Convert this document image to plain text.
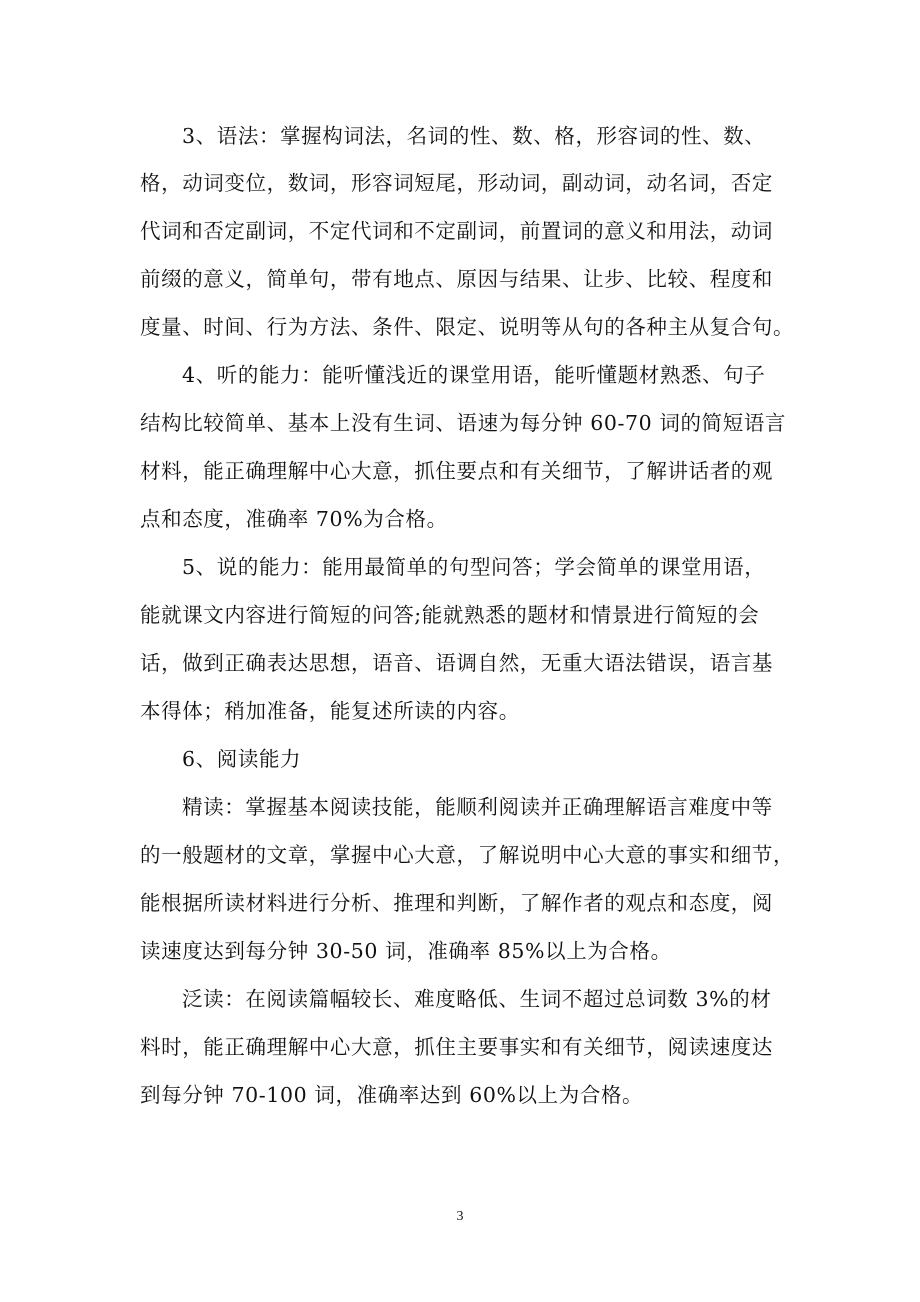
3、语法：掌握构词法，名词的性、数、格，形容词的性、数、
格，动词变位，数词，形容词短尾，形动词，副动词，动名词，否定
代词和否定副词，不定代词和不定副词，前置词的意义和用法，动词
前缀的意义，简单句，带有地点、原因与结果、让步、比较、程度和
度量、时间、行为方法、条件、限定、说明等从句的各种主从复合句。
4、听的能力：能听懂浅近的课堂用语，能听懂题材熟悉、句子
结构比较简单、基本上没有生词、语速为每分钟 60-70 词的简短语言
材料，能正确理解中心大意，抓住要点和有关细节，了解讲话者的观
点和态度，准确率 70%为合格。
5、说的能力：能用最简单的句型问答；学会简单的课堂用语，
能就课文内容进行简短的问答;能就熟悉的题材和情景进行简短的会
话，做到正确表达思想，语音、语调自然，无重大语法错误，语言基
本得体；稍加准备，能复述所读的内容。
6、阅读能力
精读：掌握基本阅读技能，能顺利阅读并正确理解语言难度中等
的一般题材的文章，掌握中心大意，了解说明中心大意的事实和细节，
能根据所读材料进行分析、推理和判断，了解作者的观点和态度，阅
读速度达到每分钟 30-50 词，准确率 85%以上为合格。
泛读：在阅读篇幅较长、难度略低、生词不超过总词数 3%的材
料时，能正确理解中心大意，抓住主要事实和有关细节，阅读速度达
到每分钟 70-100 词，准确率达到 60%以上为合格。
3
